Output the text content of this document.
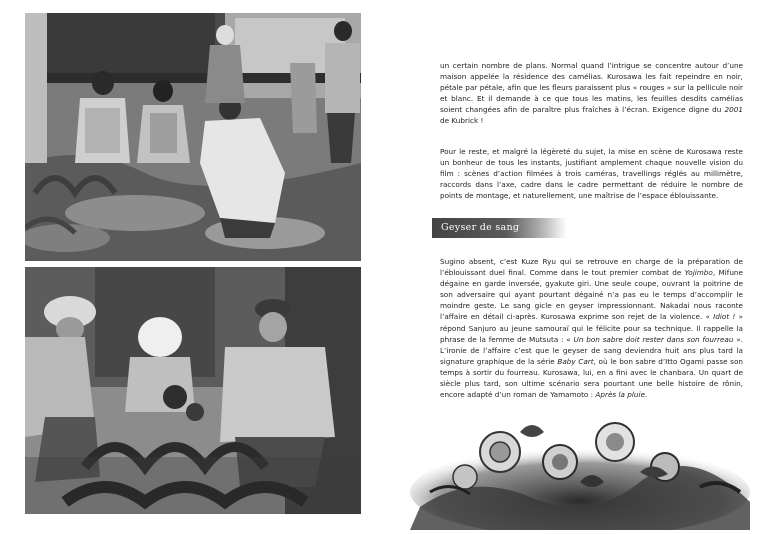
un certain nombre de plans. Normal quand l’intrigue se concentre autour d’une maison appelée la résidence des camélias. Kurosawa les fait repeindre en noir, pétale par pétale, afin que les fleurs paraissent plus « rouges » sur la pellicule noir et blanc. Et il demande à ce que tous les matins, les feuilles desdits camélias soient changées afin de paraître plus fraîches à l’écran. Exigence digne du 2001 de Kubrick !

Pour le reste, et malgré la légèreté du sujet, la mise en scène de Kurosawa reste un bonheur de tous les instants, justifiant amplement chaque nouvelle vision du film : scènes d’action filmées à trois caméras, travellings réglés au millimètre, raccords dans l’axe, cadre dans le cadre permettant de réduire le nombre de points de montage, et naturellement, une maîtrise de l’espace éblouissante.

Geyser de sang

Sugino absent, c’est Kuze Ryu qui se retrouve en charge de la préparation de l’éblouissant duel final. Comme dans le tout premier combat de Yojimbo, Mifune dégaine en garde inversée, gyakute giri. Une seule coupe, ouvrant la poitrine de son adversaire qui ayant pourtant dégainé n’a pas eu le temps d’accomplir le moindre geste. Le sang gicle en geyser impressionnant. Nakadai nous raconte l’affaire en détail ci-après. Kurosawa exprime son rejet de la violence. « Idiot ! » répond Sanjuro au jeune samouraï qui le félicite pour sa technique. Il rappelle la phrase de la femme de Mutsuta : « Un bon sabre doit rester dans son fourreau ». L’ironie de l’affaire c’est que le geyser de sang deviendra huit ans plus tard la signature graphique de la série Baby Cart, où le bon sabre d’Itto Ogami passe son temps à sortir du fourreau. Kurosawa, lui, en a fini avec le chanbara. Un quart de siècle plus tard, son ultime scénario sera pourtant une belle histoire de rônin, encore adapté d’un roman de Yamamoto : Après la pluie.
